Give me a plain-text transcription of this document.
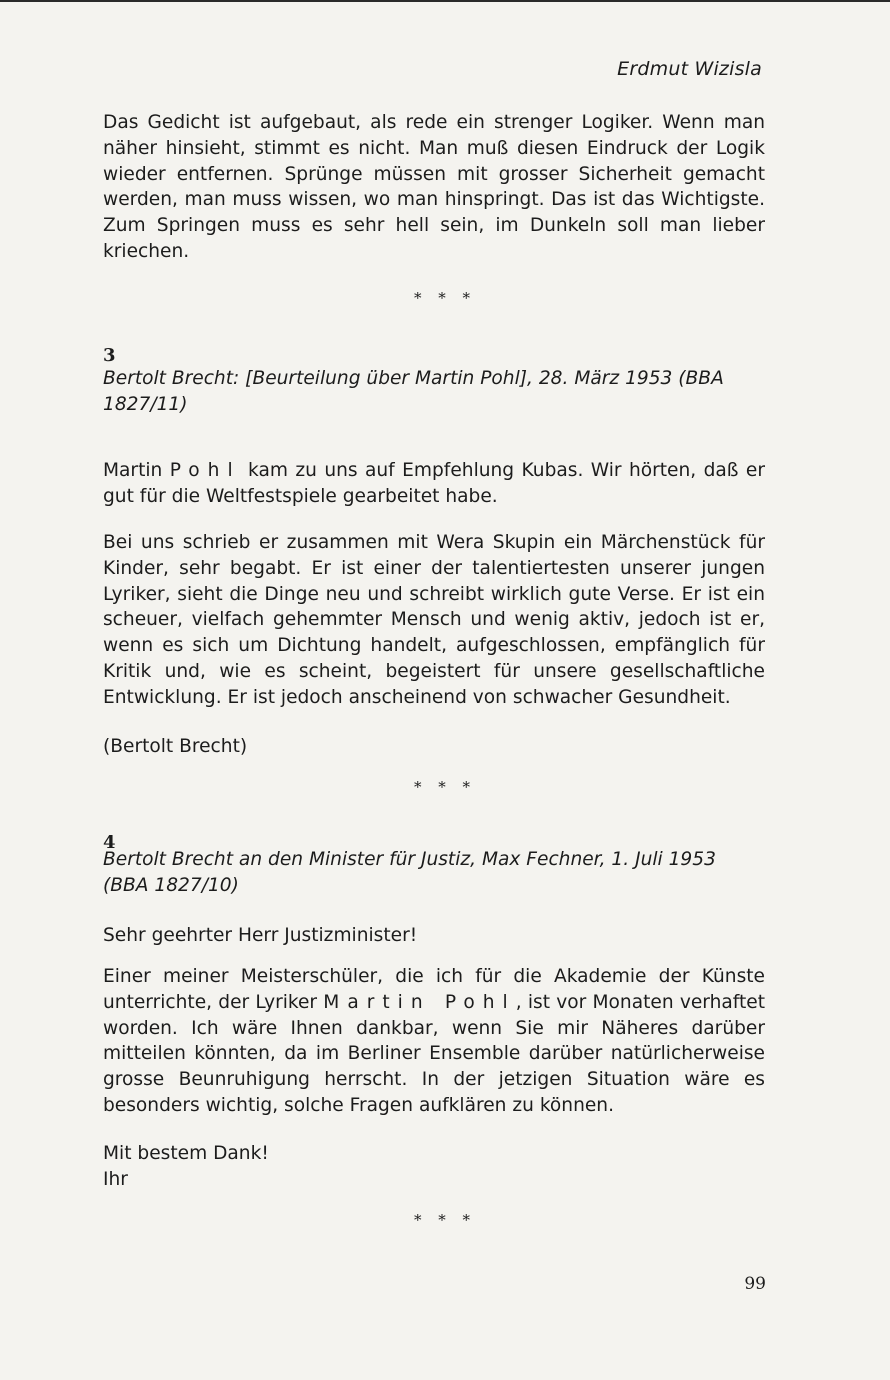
Erdmut Wizisla

Das Gedicht ist aufgebaut, als rede ein strenger Logiker. Wenn man näher hinsieht, stimmt es nicht. Man muß diesen Eindruck der Logik wieder entfernen. Sprünge müssen mit grosser Sicherheit gemacht werden, man muss wissen, wo man hinspringt. Das ist das Wichtigste. Zum Springen muss es sehr hell sein, im Dunkeln soll man lieber kriechen.

* * *
3

Bertolt Brecht: [Beurteilung über Martin Pohl], 28. März 1953 (BBA 1827/11)

Martin Pohl kam zu uns auf Empfehlung Kubas. Wir hörten, daß er gut für die Weltfestspiele gearbeitet habe.

Bei uns schrieb er zusammen mit Wera Skupin ein Märchenstück für Kinder, sehr begabt. Er ist einer der talentiertesten unserer jungen Lyriker, sieht die Dinge neu und schreibt wirklich gute Verse. Er ist ein scheuer, vielfach gehemmter Mensch und wenig aktiv, jedoch ist er, wenn es sich um Dichtung handelt, aufgeschlossen, empfänglich für Kritik und, wie es scheint, begeistert für unsere gesellschaftliche Entwicklung. Er ist jedoch anscheinend von schwacher Gesundheit.

(Bertolt Brecht)

* * *
4

Bertolt Brecht an den Minister für Justiz, Max Fechner, 1. Juli 1953 (BBA 1827/10)

Sehr geehrter Herr Justizminister!

Einer meiner Meisterschüler, die ich für die Akademie der Künste unterrichte, der Lyriker Martin Pohl, ist vor Monaten verhaftet worden. Ich wäre Ihnen dankbar, wenn Sie mir Näheres darüber mitteilen könnten, da im Berliner Ensemble darüber natürlicherweise grosse Beunruhigung herrscht. In der jetzigen Situation wäre es besonders wichtig, solche Fragen aufklären zu können.

Mit bestem Dank!
Ihr

* * *
99
